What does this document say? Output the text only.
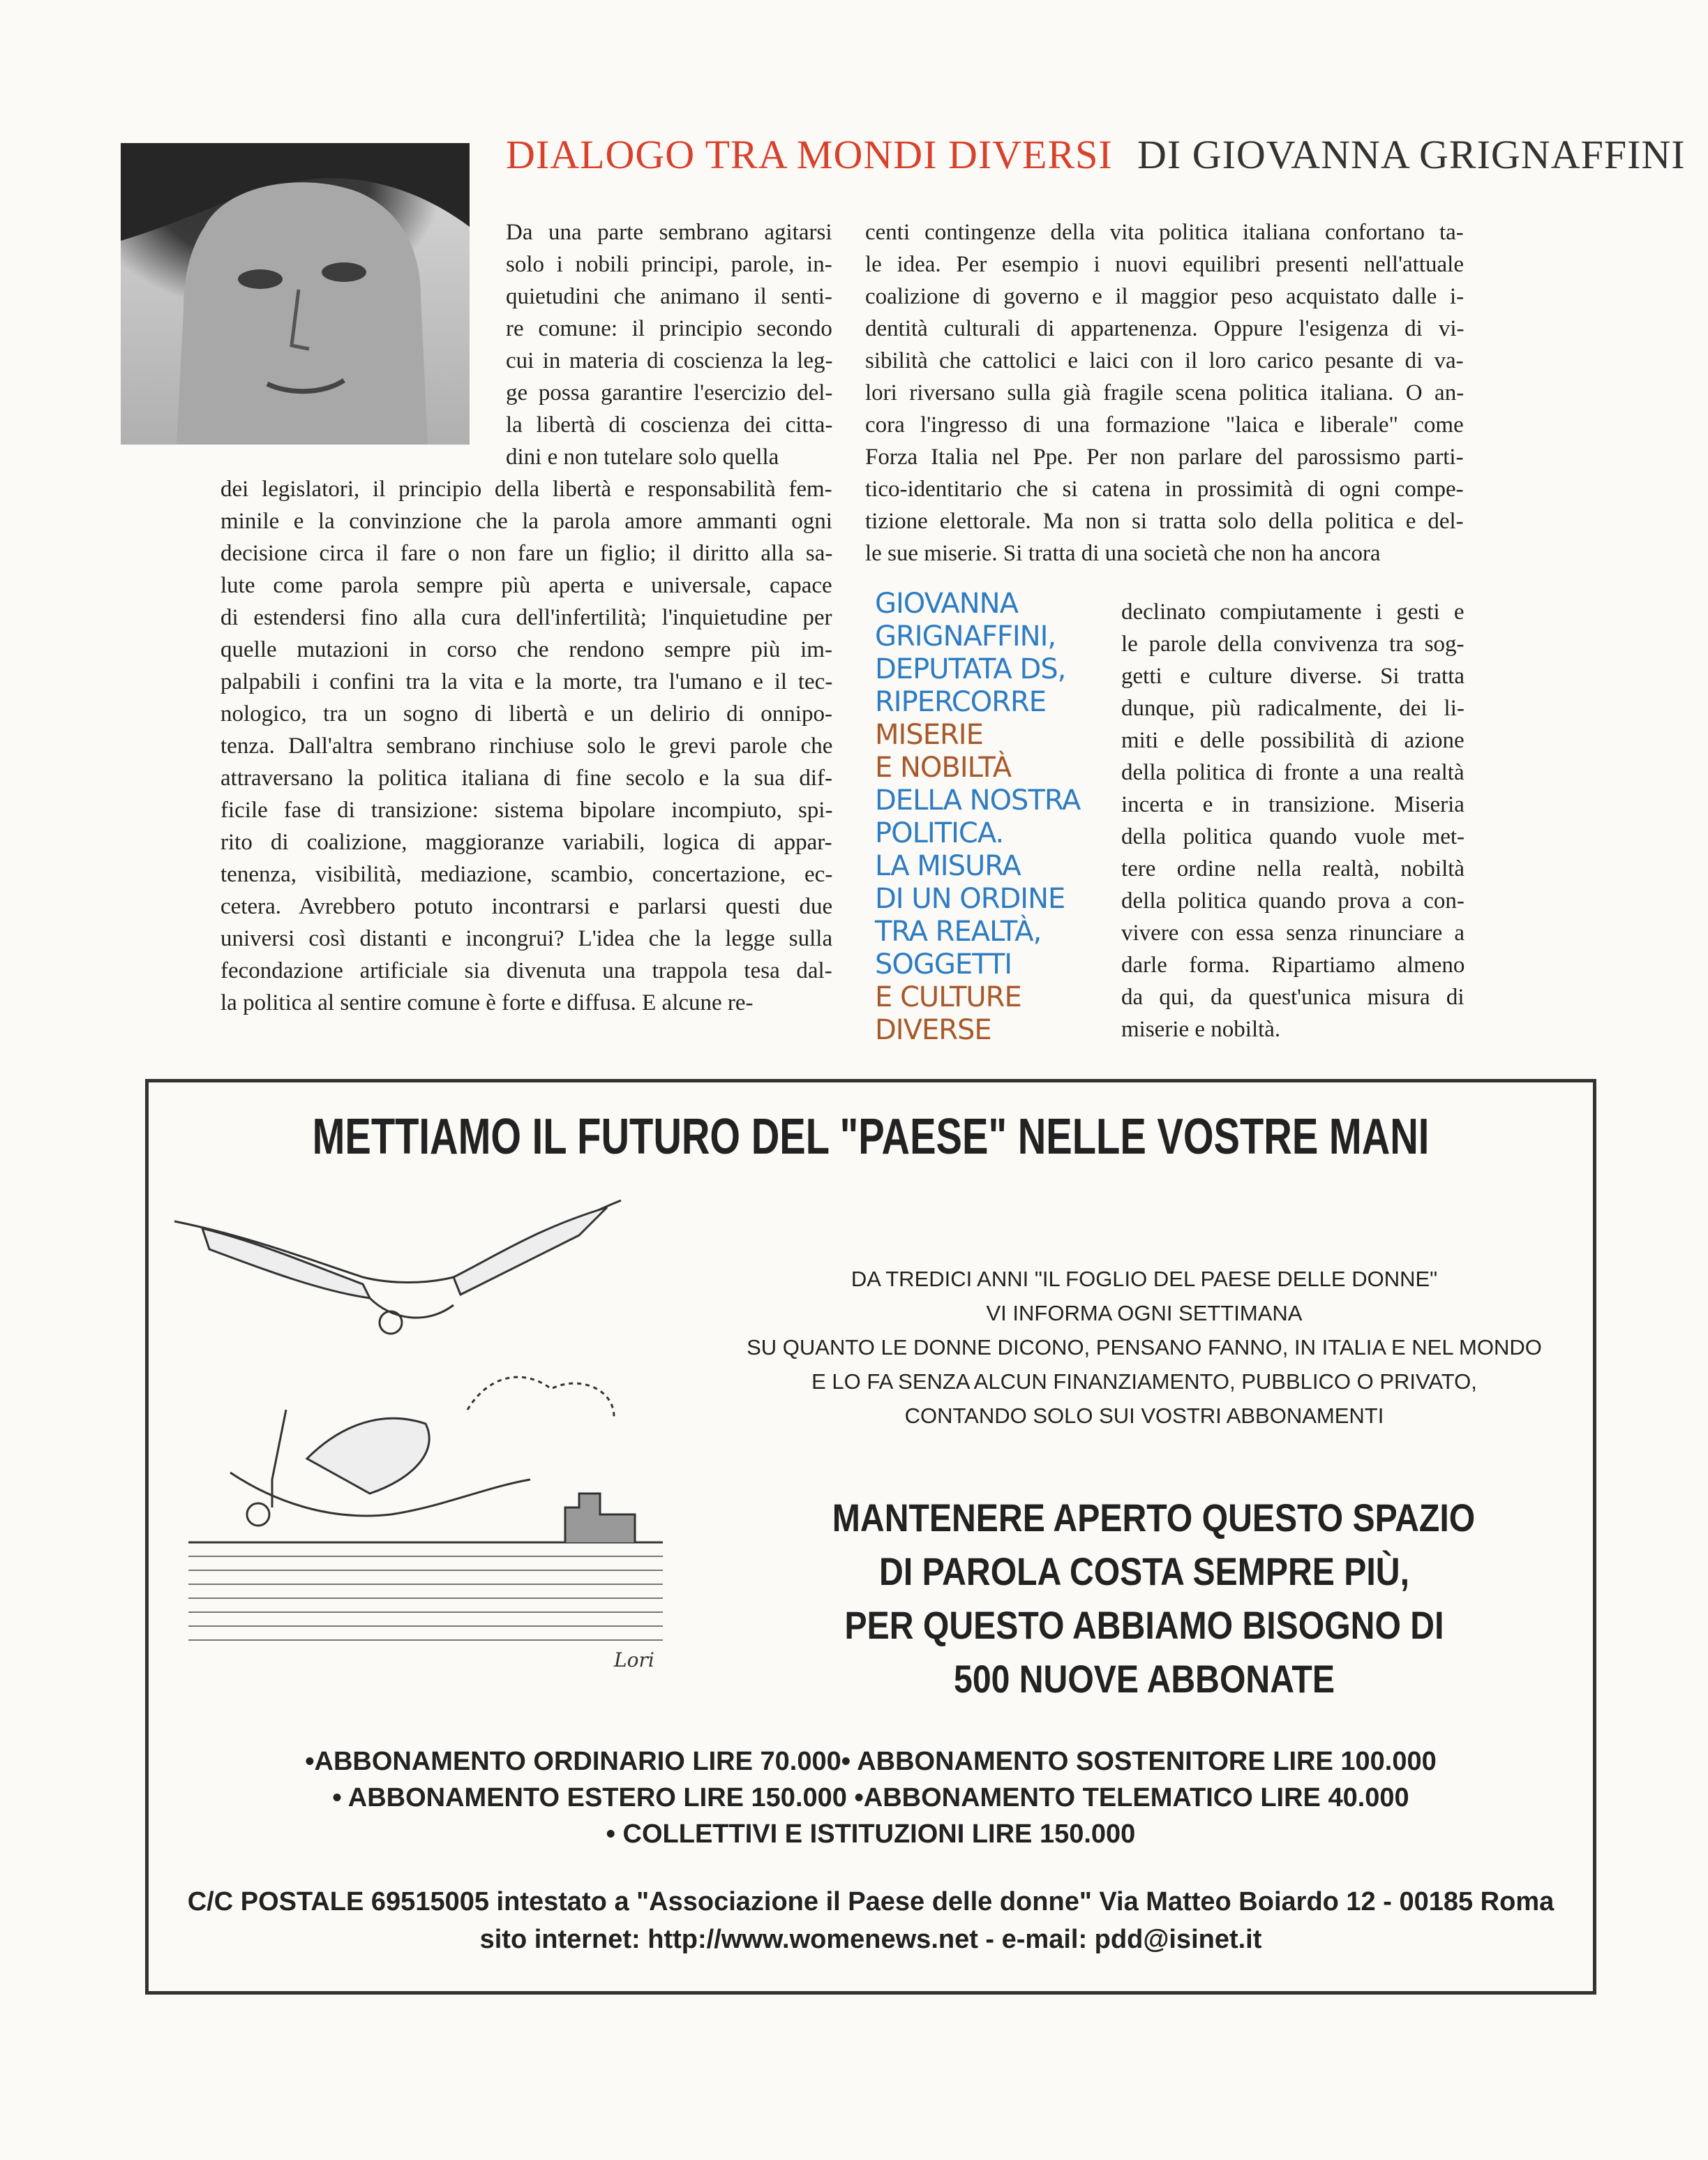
DIALOGO TRA MONDI DIVERSI DI GIOVANNA GRIGNAFFINI
Da una parte sembrano agitarsi
solo i nobili principi, parole, in-
quietudini che animano il senti-
re comune: il principio secondo
cui in materia di coscienza la leg-
ge possa garantire l'esercizio del-
la libertà di coscienza dei citta-
dini e non tutelare solo quella
dei legislatori, il principio della libertà e responsabilità fem-
minile e la convinzione che la parola amore ammanti ogni
decisione circa il fare o non fare un figlio; il diritto alla sa-
lute come parola sempre più aperta e universale, capace
di estendersi fino alla cura dell'infertilità; l'inquietudine per
quelle mutazioni in corso che rendono sempre più im-
palpabili i confini tra la vita e la morte, tra l'umano e il tec-
nologico, tra un sogno di libertà e un delirio di onnipo-
tenza. Dall'altra sembrano rinchiuse solo le grevi parole che
attraversano la politica italiana di fine secolo e la sua dif-
ficile fase di transizione: sistema bipolare incompiuto, spi-
rito di coalizione, maggioranze variabili, logica di appar-
tenenza, visibilità, mediazione, scambio, concertazione, ec-
cetera. Avrebbero potuto incontrarsi e parlarsi questi due
universi così distanti e incongrui? L'idea che la legge sulla
fecondazione artificiale sia divenuta una trappola tesa dal-
la politica al sentire comune è forte e diffusa. E alcune re-
centi contingenze della vita politica italiana confortano ta-
le idea. Per esempio i nuovi equilibri presenti nell'attuale
coalizione di governo e il maggior peso acquistato dalle i-
dentità culturali di appartenenza. Oppure l'esigenza di vi-
sibilità che cattolici e laici con il loro carico pesante di va-
lori riversano sulla già fragile scena politica italiana. O an-
cora l'ingresso di una formazione "laica e liberale" come
Forza Italia nel Ppe. Per non parlare del parossismo parti-
tico-identitario che si catena in prossimità di ogni compe-
tizione elettorale. Ma non si tratta solo della politica e del-
le sue miserie. Si tratta di una società che non ha ancora
declinato compiutamente i gesti e
le parole della convivenza tra sog-
getti e culture diverse. Si tratta
dunque, più radicalmente, dei li-
miti e delle possibilità di azione
della politica di fronte a una realtà
incerta e in transizione. Miseria
della politica quando vuole met-
tere ordine nella realtà, nobiltà
della politica quando prova a con-
vivere con essa senza rinunciare a
darle forma. Ripartiamo almeno
da qui, da quest'unica misura di
miserie e nobiltà.
GIOVANNA
GRIGNAFFINI,
DEPUTATA DS,
RIPERCORRE
MISERIE
E NOBILTÀ
DELLA NOSTRA
POLITICA.
LA MISURA
DI UN ORDINE
TRA REALTÀ,
SOGGETTI
E CULTURE
DIVERSE
METTIAMO IL FUTURO DEL "PAESE" NELLE VOSTRE MANI
Lori
DA TREDICI ANNI "IL FOGLIO DEL PAESE DELLE DONNE"
VI INFORMA OGNI SETTIMANA
SU QUANTO LE DONNE DICONO, PENSANO FANNO, IN ITALIA E NEL MONDO
E LO FA SENZA ALCUN FINANZIAMENTO, PUBBLICO O PRIVATO,
CONTANDO SOLO SUI VOSTRI ABBONAMENTI
MANTENERE APERTO QUESTO SPAZIO
DI PAROLA COSTA SEMPRE PIÙ,
PER QUESTO ABBIAMO BISOGNO DI
500 NUOVE ABBONATE
•ABBONAMENTO ORDINARIO LIRE 70.000• ABBONAMENTO SOSTENITORE LIRE 100.000
• ABBONAMENTO ESTERO LIRE 150.000 •ABBONAMENTO TELEMATICO LIRE 40.000
• COLLETTIVI E ISTITUZIONI LIRE 150.000
C/C POSTALE 69515005 intestato a "Associazione il Paese delle donne" Via Matteo Boiardo 12 - 00185 Roma
sito internet: http://www.womenews.net - e-mail: pdd@isinet.it
